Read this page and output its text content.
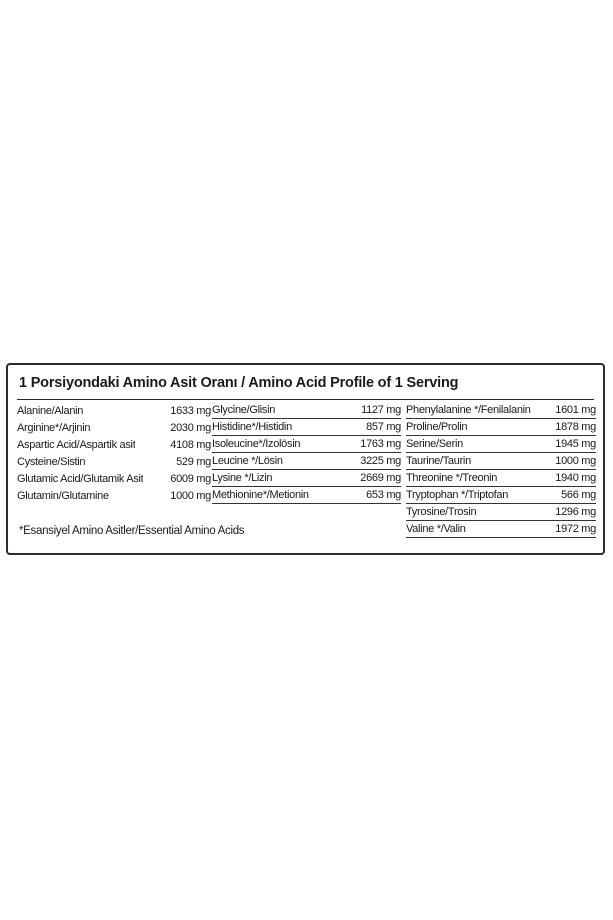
1 Porsiyondaki Amino Asit Oranı / Amino Acid Profile of 1 Serving
Alanine/Alanin	1633 mg
Arginine*/Arjinin	2030 mg
Aspartic Acid/Aspartik asit	4108 mg
Cysteine/Sistin	529 mg
Glutamic Acid/Glutamik Asit 6009 mg
Glutamin/Glutamine	1000 mg
Glycine/Glisin	1127 mg
Histidine*/Histidin	857 mg
Isoleucine*/İzolösin	1763 mg
Leucine */Lösin	3225 mg
Lysine */Lizin	2669 mg
Methionine*/Metionin	653 mg
Phenylalanine */Fenilalanin 1601 mg
Proline/Prolin	1878 mg
Serine/Serin	1945 mg
Taurine/Taurin	1000 mg
Threonine */Treonin	1940 mg
Tryptophan */Triptofan	566 mg
Tyrosine/Trosin	1296 mg
Valine */Valin	1972 mg
*Esansiyel Amino Asitler/Essential Amino Acids
